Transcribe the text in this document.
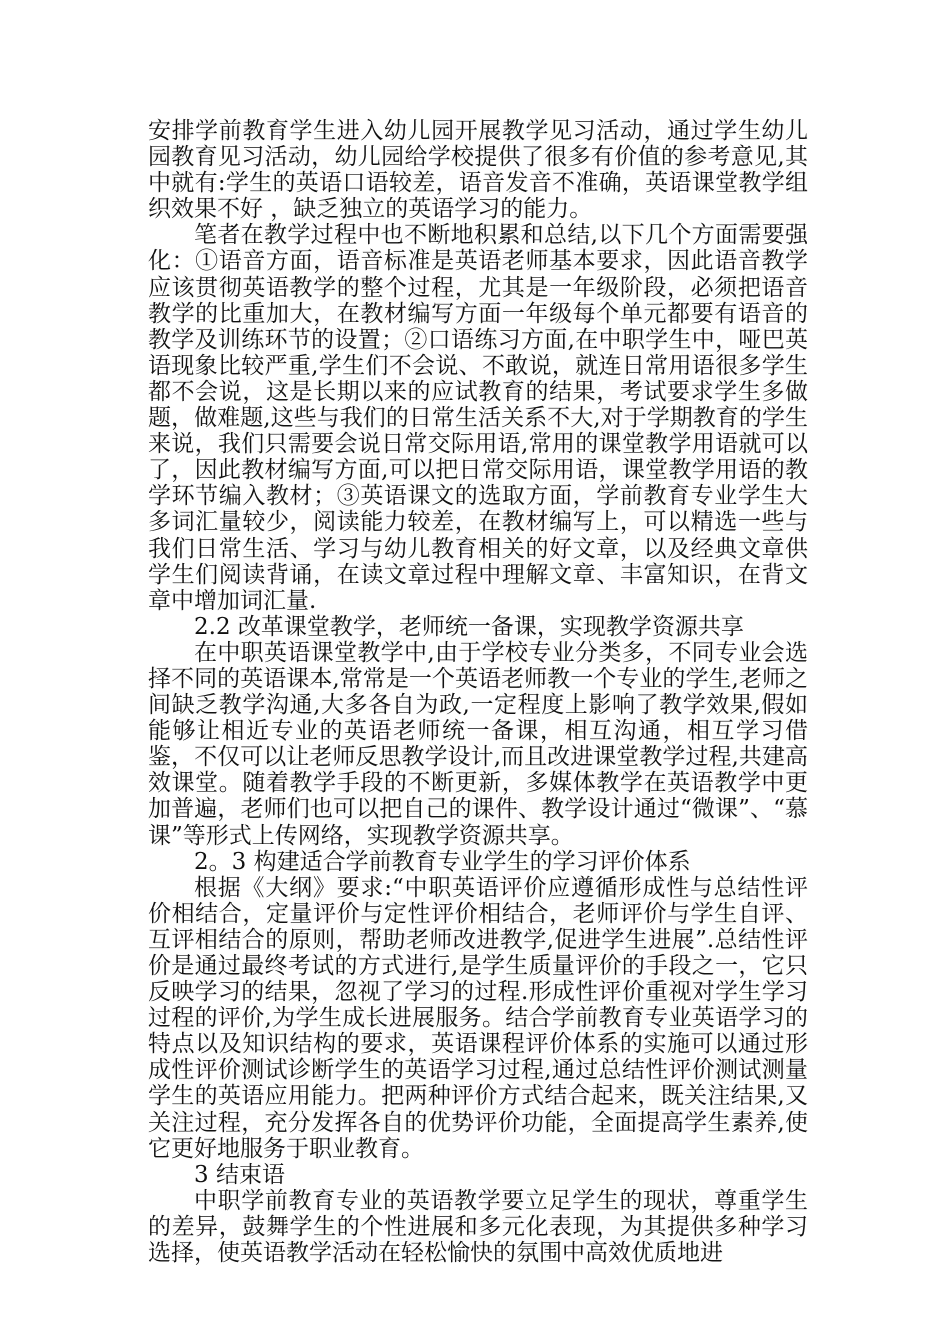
安排学前教育学生进入幼儿园开展教学见习活动，通过学生幼儿园教育见习活动，幼儿园给学校提供了很多有价值的参考意见,其中就有:学生的英语口语较差，语音发音不准确，英语课堂教学组织效果不好 ，缺乏独立的英语学习的能力。

笔者在教学过程中也不断地积累和总结,以下几个方面需要强化：①语音方面，语音标准是英语老师基本要求，因此语音教学应该贯彻英语教学的整个过程，尤其是一年级阶段，必须把语音教学的比重加大，在教材编写方面一年级每个单元都要有语音的教学及训练环节的设置；②口语练习方面,在中职学生中，哑巴英语现象比较严重,学生们不会说、不敢说，就连日常用语很多学生都不会说，这是长期以来的应试教育的结果，考试要求学生多做题，做难题,这些与我们的日常生活关系不大,对于学期教育的学生来说，我们只需要会说日常交际用语,常用的课堂教学用语就可以了，因此教材编写方面,可以把日常交际用语，课堂教学用语的教学环节编入教材；③英语课文的选取方面，学前教育专业学生大多词汇量较少，阅读能力较差，在教材编写上，可以精选一些与我们日常生活、学习与幼儿教育相关的好文章，以及经典文章供学生们阅读背诵，在读文章过程中理解文章、丰富知识，在背文章中增加词汇量.

2.2 改革课堂教学，老师统一备课，实现教学资源共享

在中职英语课堂教学中,由于学校专业分类多，不同专业会选择不同的英语课本,常常是一个英语老师教一个专业的学生,老师之间缺乏教学沟通,大多各自为政,一定程度上影响了教学效果,假如能够让相近专业的英语老师统一备课，相互沟通，相互学习借鉴，不仅可以让老师反思教学设计,而且改进课堂教学过程,共建高效课堂。随着教学手段的不断更新，多媒体教学在英语教学中更加普遍，老师们也可以把自己的课件、教学设计通过“微课”、“慕课”等形式上传网络，实现教学资源共享。

2。3 构建适合学前教育专业学生的学习评价体系

根据《大纲》要求:“中职英语评价应遵循形成性与总结性评价相结合，定量评价与定性评价相结合，老师评价与学生自评、互评相结合的原则，帮助老师改进教学,促进学生进展”.总结性评价是通过最终考试的方式进行,是学生质量评价的手段之一，它只反映学习的结果，忽视了学习的过程.形成性评价重视对学生学习过程的评价,为学生成长进展服务。结合学前教育专业英语学习的特点以及知识结构的要求，英语课程评价体系的实施可以通过形成性评价测试诊断学生的英语学习过程,通过总结性评价测试测量学生的英语应用能力。把两种评价方式结合起来，既关注结果,又关注过程，充分发挥各自的优势评价功能，全面提高学生素养,使它更好地服务于职业教育。

3 结束语

中职学前教育专业的英语教学要立足学生的现状，尊重学生的差异，鼓舞学生的个性进展和多元化表现，为其提供多种学习选择，使英语教学活动在轻松愉快的氛围中高效优质地进
